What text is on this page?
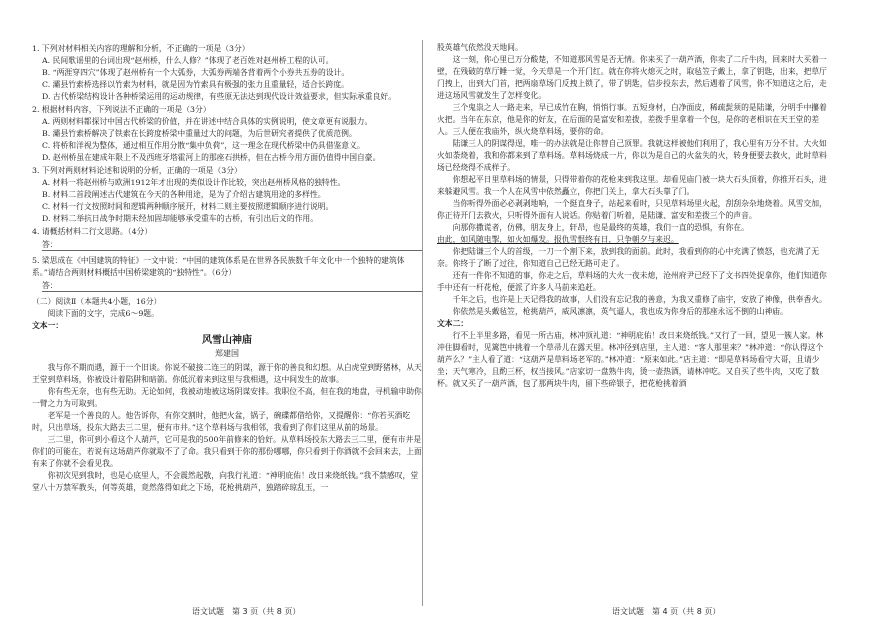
1. 下列对材料相关内容的理解和分析，不正确的一项是（3分）

A. 民间歌谣里的台词出现“赵州桥，什么人修？”体现了老百姓对赵州桥工程的认可。

B. “两涯穿四穴”体现了赵州桥有一个大弧券，大弧券两端各背着两个小券共五券的设计。

C. 灞县竹索桥选择以竹索为材料，就是因为竹索具有极强的张力且重量轻，适合长跨度。

D. 古代桥梁结构设计各种桥梁运用的运动规律，有些原无法达到现代设计效益要求，但实际承重良好。

2. 根据材料内容，下列说法不正确的一项是（3分）

A. 两则材料都探讨中国古代桥梁的价值，并在讲述中结合具体的实例说明，使文章更有说服力。

B. 灞县竹索桥解决了铁索在长跨度桥梁中重量过大的问题，为后世研究者提供了优质范例。

C. 将桥和洋视为整体，通过相互作用分散“集中负荷”，这一理念在现代桥梁中仍具借鉴意义。

D. 赵州桥虽在建成年限上不及西班牙塔霍河上的那座石拱桥，但在古桥今用方面仍值得中国自豪。

3. 下列对两则材料论述和说明的分析，正确的一项是（3分）

A. 材料一将赵州桥与欧洲1912年才出现的类似设计作比较，突出赵州桥风格的独特性。

B. 材料二首段阐述古代建筑在今天的各种用途，是为了介绍古建筑用途的多样性。

C. 材料一行文按照时间和逻辑两种顺序展开，材料二则主要按照逻辑顺序进行说明。

D. 材料二举抗日战争时期未经加固却能够承受重车的古桥，有引出后文的作用。

4. 请概括材料二行文思路。（4分）

答：

5. 梁思成在《中国建筑的特征》一文中说：“中国的建筑体系是在世界各民族数千年文化中一个独特的建筑体系。”请结合两则材料概括中国桥梁建筑的“独特性”。（6分）

答：

（二）阅读Ⅱ（本题共4小题，16分）

阅读下面的文字，完成6～9题。

文本一：

风雪山神庙

郑建国

我与你不期而遇，源于一个旧谈。你说不破接二连三的阴谋，源于你的善良和幻想。从白虎堂到野猪林，从天王堂到草料场，你被设计着陷阱和暗箭。你低沉着来到这里与我相遇，这中间发生的故事。

你有些无奈，也有些无助。无论如何，我被动地被这场阴谋安排。我职位不高，但在我的地盘，寻机输申助你一臂之力为可取到。

老军是一个善良的人。他告诉你，有你交割时，他把火盆，锅子，碗碟都借给你，又提醒你：“你若买酒吃时，只出草场，投东大路去三二里，便有市井。”这个草料场与我相邻，我看到了你们这里从前的场景。

三二里，你可到小看这个人葫芦，它可是我的500年前修来的恰好。从草料场投东大路去三二里，便有市井是你们的可能在，若说有这场葫芦你就取不了了命。我只看到于你的那份哪哪，你只看到于你酒就不会回来去，上面有来了你就不会看见我。

你初次见到我时，也是心底里人，不会震然起敬，向我行礼道：“神明庇佑！改日来烧纸钱。”我不禁感叹，堂堂八十万禁军教头，何等英雄，竟然落得如此之下场，花枪挑葫芦，独踏碎琼乱玉，一

股英雄气依然没天地间。

这一刻，你心里已万分酸楚，不知道那风雪是否无情。你来买了一葫芦酒，你卖了二斤牛肉，回来时大买着一壁，在残破的草厅睡一觉，今天草是一个开门红。就在你将火熄灭之时，取毡笠子戴上，拿了钥匙，出来，把草厅门拽上，出到大门首，把两扇草场门反拽上锁了，带了钥匙，信步投东去，然后遇着了风雪，你不知道这之后，走进这场风雪就发生了怎样变化。

三个鬼祟之人一路走来，早已成竹在胸，悄悄行事。五短身材，白净面皮，稀疏髭须的是陆谦，分明手中攥着火把。当年在东京，他是你的好友，在后面的是富安和差拨，差拨手里拿着一个包，是你的老相识在天王堂的差人。三人便在我庙外，纵火烧草料场，要你的命。

陆谦三人的阴谋得逞，唯一的办法就是让你替自己顶罪。我就这样被他们利用了，我心里有万分不甘。大火如火如荼烧着，我和你都来到了草料场。草料场烧成一片，你以为是自己的火盆失的火，转身便要去救火，此时草料场已经烧得不成样子。

你想起平日里草料场的情景，只得带着你的花枪来到我这里。却看见庙门被一块大石头顶着，你推开石头，进来躲避风雪。我一个人在风雪中依然矗立，你把门关上，拿大石头靠了门。

当你听得外面必必剥剥地响，一个挺直身子，站起来看时，只见草料场里火起，刮刮杂杂地烧着。风雪交加，你正待开门去救火，只听得外面有人说话。你贴着门听着，是陆谦、富安和差拨三个的声音。

向那你撒谎者，仿佛，朋友身上，轩昂，也是最终的英雄，我们一直的恐惧，有你在。

由此，如风随电掣，如火如爆发。报仇雪恨终有日，只争朝夕与来迟。

你把陆谦三个人的首级，一刀一个割下来，放到我的面前。此时，我看到你的心中充满了愤怒，也充满了无奈。你终于了断了过往，你知道自己已经无路可走了。

还有一件你不知道的事，你走之后，草料场的大火一夜未熄，沧州府尹已经下了文书四处捉拿你，他们知道你手中还有一杆花枪，便派了许多人马前来追赶。

千年之后，也许是上天记得我的故事，人们没有忘记我的善意，为我又重修了庙宇，安放了神像，供奉香火。

你依然是头戴毡笠，枪挑葫芦，威风凛凛，英气逼人，我也成为你身后的那座永远不倒的山神庙。

文本二：

行不上半里多路，看见一所古庙，林冲顶礼道：“神明庇佑！改日来烧纸钱。”又行了一回，望见一簇人家。林冲住脚看时，见篱笆中挑着一个草帚儿在露天里。林冲径到店里，主人道：“客人那里来？”林冲道：“你认得这个葫芦么？”主人看了道：“这葫芦是草料场老军的。”林冲道：“原来如此。”店主道：“即是草料场看守大哥，且请少坐；天气寒冷，且酌三杯，权当接风。”店家切一盘熟牛肉，烫一壶热酒，请林冲吃。又自买了些牛肉，又吃了数杯。就又买了一葫芦酒，包了那两块牛肉，留下些碎银子，把花枪挑着酒

语文试题　第 3 页（共 8 页）	语文试题　第 4 页（共 8 页）
